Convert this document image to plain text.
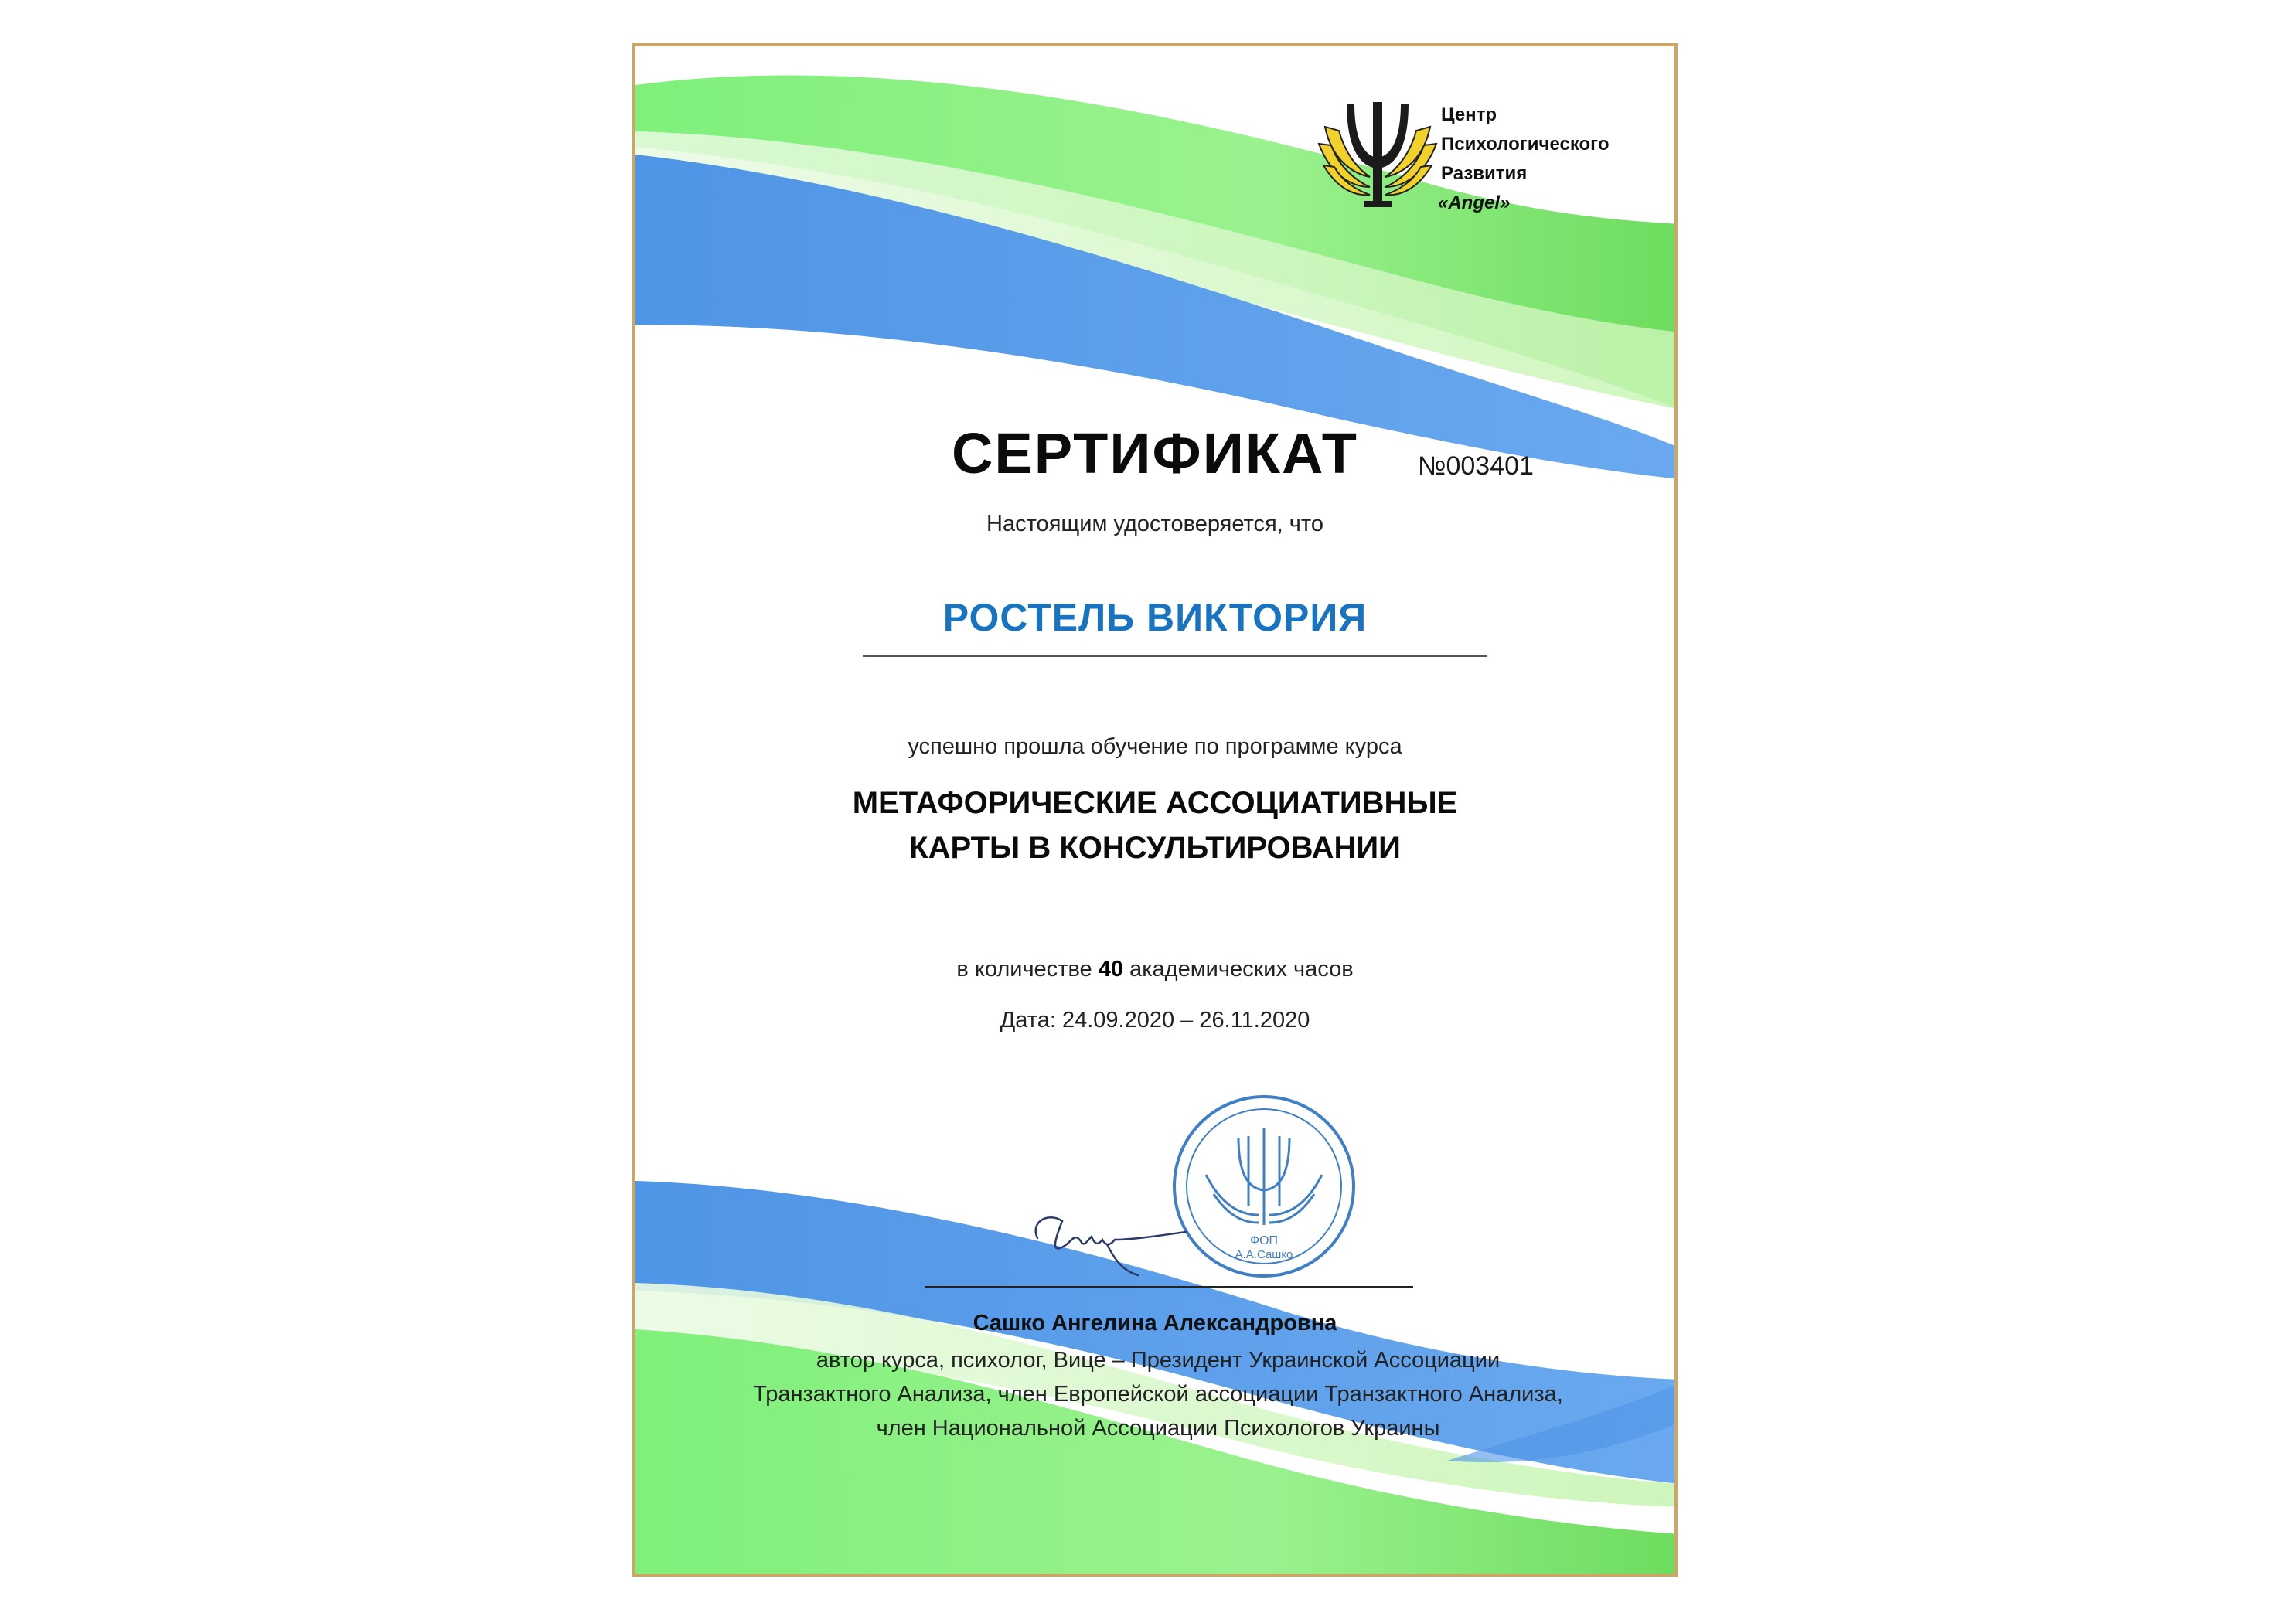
Центр
Психологического
Развития
«Angel»
СЕРТИФИКАТ	№003401
Настоящим удостоверяется, что
РОСТЕЛЬ ВИКТОРИЯ
успешно прошла обучение по программе курса
МЕТАФОРИЧЕСКИЕ АССОЦИАТИВНЫЕ
КАРТЫ В КОНСУЛЬТИРОВАНИИ
в количестве 40 академических часов
Дата: 24.09.2020 – 26.11.2020
ФОП
А.А.Сашко
Сашко Ангелина Александровна
автор курса, психолог, Вице – Президент Украинской Ассоциации
Транзактного Анализа, член Европейской ассоциации Транзактного Анализа,
член Национальной Ассоциации Психологов Украины
